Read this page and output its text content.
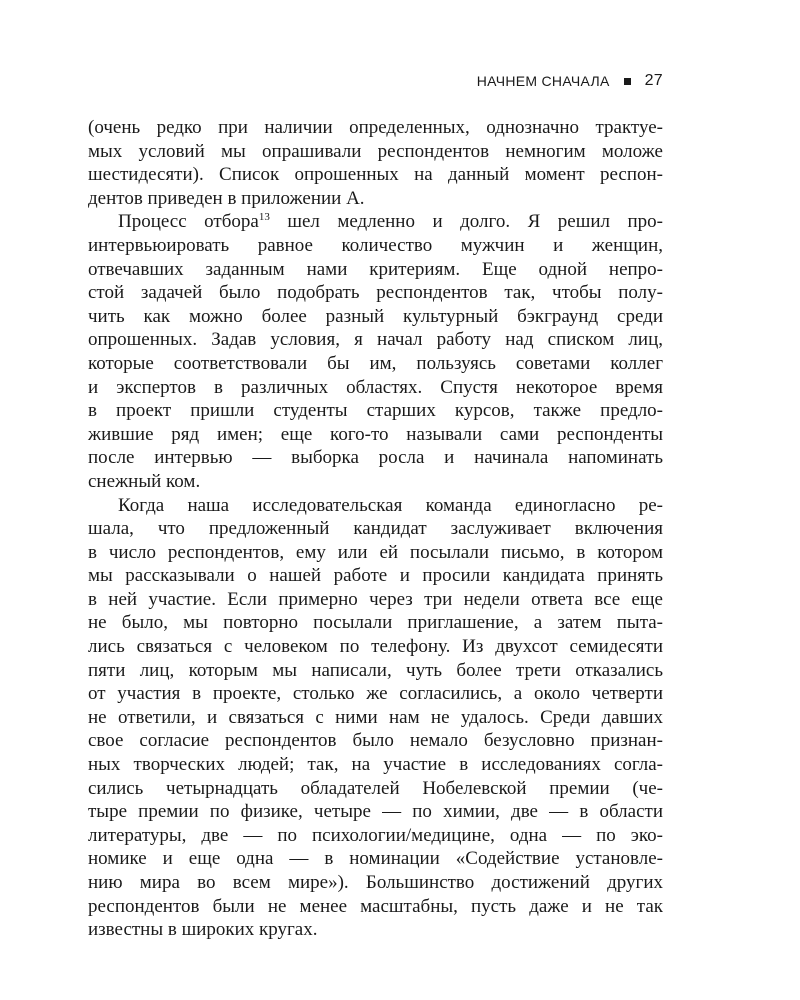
НАЧНЕМ СНАЧАЛА 27

(очень редко при наличии определенных, однозначно трактуе-
мых условий мы опрашивали респондентов немногим моложе
шестидесяти). Список опрошенных на данный момент респон-
дентов приведен в приложении А.

Процесс отбора$^{13}$ шел медленно и долго. Я решил про-
интервьюировать равное количество мужчин и женщин,
отвечавших заданным нами критериям. Еще одной непро-
стой задачей было подобрать респондентов так, чтобы полу-
чить как можно более разный культурный бэкграунд среди
опрошенных. Задав условия, я начал работу над списком лиц,
которые соответствовали бы им, пользуясь советами коллег
и экспертов в различных областях. Спустя некоторое время
в проект пришли студенты старших курсов, также предло-
жившие ряд имен; еще кого-то называли сами респонденты
после интервью — выборка росла и начинала напоминать
снежный ком.

Когда наша исследовательская команда единогласно ре-
шала, что предложенный кандидат заслуживает включения
в число респондентов, ему или ей посылали письмо, в котором
мы рассказывали о нашей работе и просили кандидата принять
в ней участие. Если примерно через три недели ответа все еще
не было, мы повторно посылали приглашение, а затем пыта-
лись связаться с человеком по телефону. Из двухсот семидесяти
пяти лиц, которым мы написали, чуть более трети отказались
от участия в проекте, столько же согласились, а около четверти
не ответили, и связаться с ними нам не удалось. Среди давших
свое согласие респондентов было немало безусловно признан-
ных творческих людей; так, на участие в исследованиях согла-
сились четырнадцать обладателей Нобелевской премии (че-
тыре премии по физике, четыре — по химии, две — в области
литературы, две — по психологии/медицине, одна — по эко-
номике и еще одна — в номинации «Содействие установле-
нию мира во всем мире»). Большинство достижений других
респондентов были не менее масштабны, пусть даже и не так
известны в широких кругах.
